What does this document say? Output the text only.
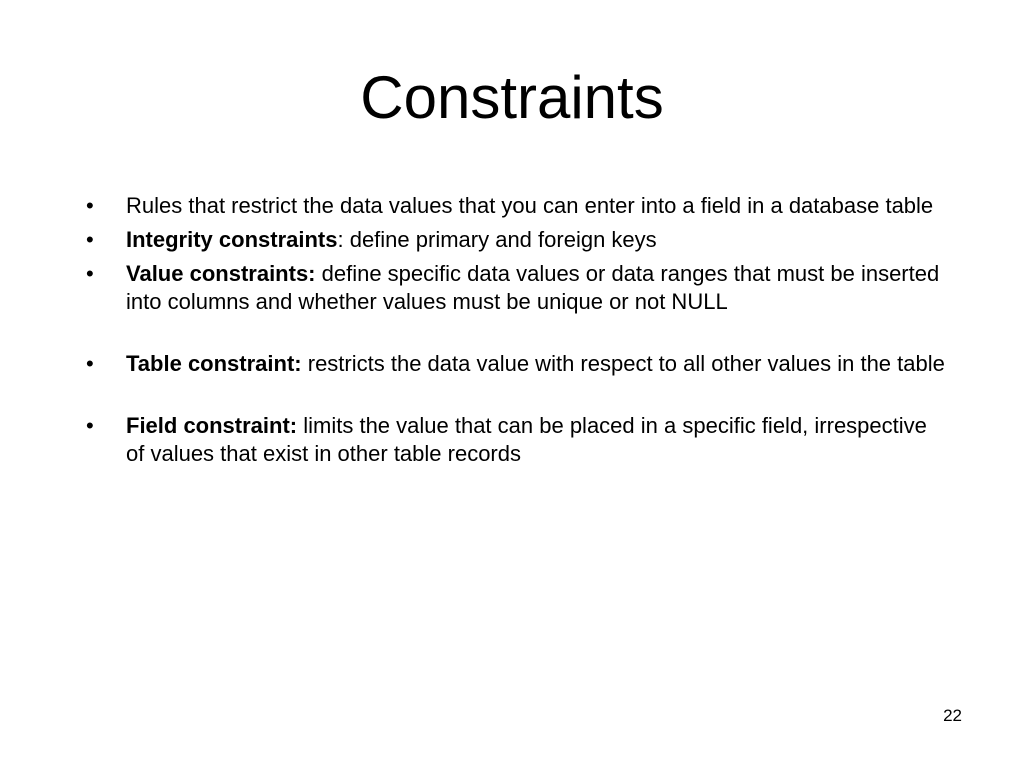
Constraints
•	Rules that restrict the data values that you can enter into a field in a database table
•	Integrity constraints: define primary and foreign keys
•	Value constraints: define specific data values or data ranges that must be inserted into columns and whether values must be unique or not NULL
•	Table constraint: restricts the data value with respect to all other values in the table
•	Field constraint: limits the value that can be placed in a specific field, irrespective of values that exist in other table records
22
